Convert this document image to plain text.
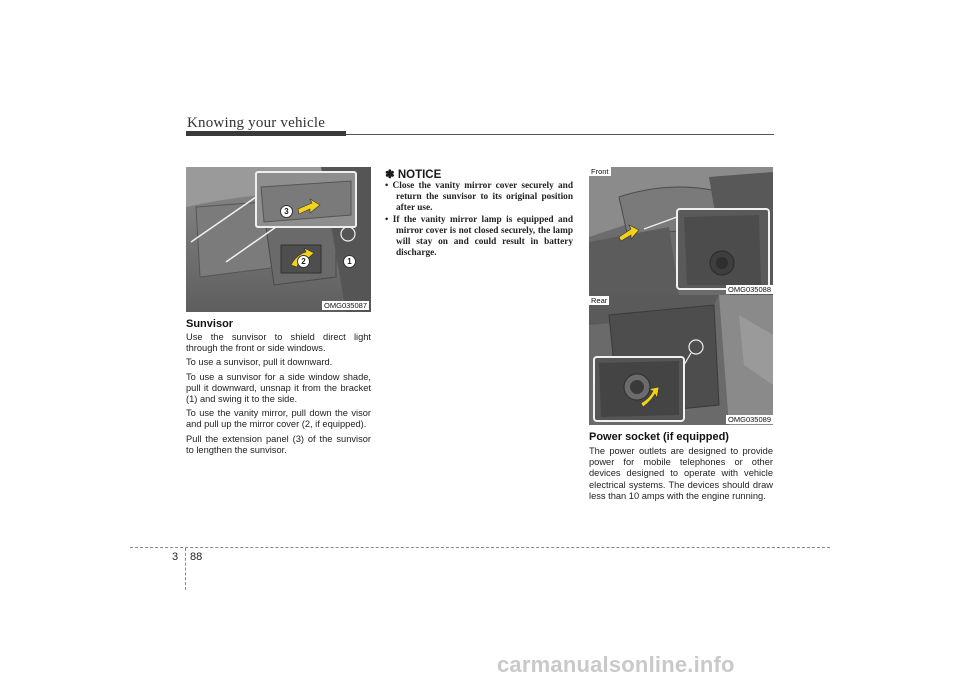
Knowing your vehicle
1
2
3
OMG035087
Sunvisor

Use the sunvisor to shield direct light through the front or side windows.

To use a sunvisor, pull it downward.

To use a sunvisor for a side window shade, pull it downward, unsnap it from the bracket (1) and swing it to the side.

To use the vanity mirror, pull down the visor and pull up the mirror cover (2, if equipped).

Pull the extension panel (3) of the sunvisor to lengthen the sunvisor.

✽ NOTICE
• Close the vanity mirror cover securely and return the sunvisor to its original position after use.
• If the vanity mirror lamp is equipped and mirror cover is not closed securely, the lamp will stay on and could result in battery discharge.
Front
OMG035088
Rear
OMG035089
Power socket (if equipped)

The power outlets are designed to provide power for mobile telephones or other devices designed to operate with vehicle electrical systems. The devices should draw less than 10 amps with the engine running.

3 88
carmanualsonline.info
